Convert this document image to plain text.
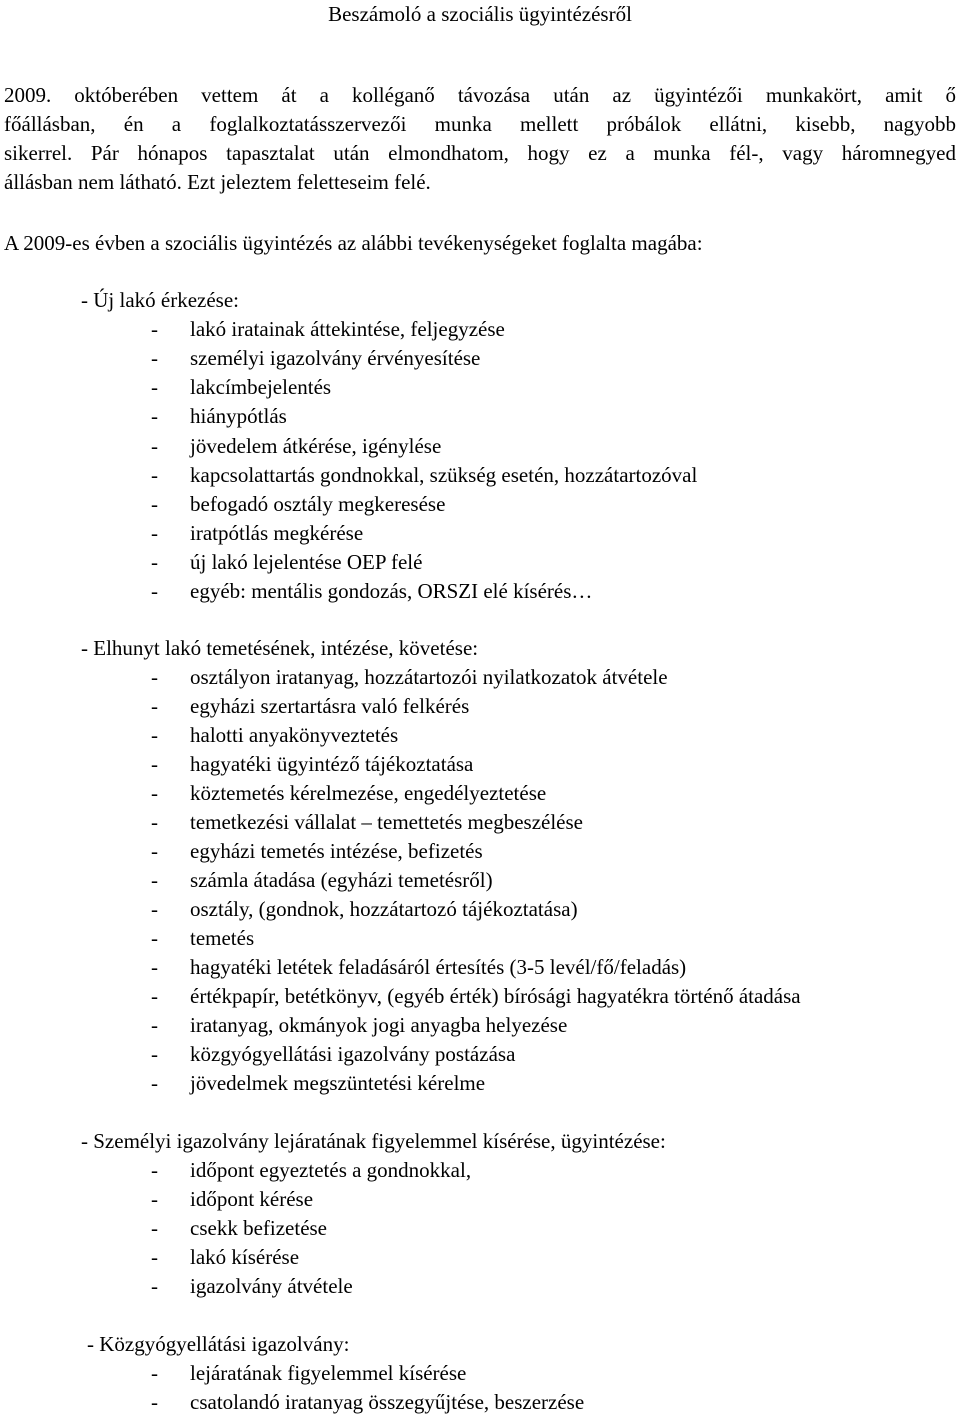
Beszámoló a szociális ügyintézésről
2009. októberében vettem át a kolléganő távozása után az ügyintézői munkakört, amit ő
főállásban, én a foglalkoztatásszervezői munka mellett próbálok ellátni, kisebb, nagyobb
sikerrel. Pár hónapos tapasztalat után elmondhatom, hogy ez a munka fél-, vagy háromnegyed
állásban nem látható. Ezt jeleztem feletteseim felé.
A 2009-es évben a szociális ügyintézés az alábbi tevékenységeket foglalta magába:
- Új lakó érkezése:
- lakó iratainak áttekintése, feljegyzése
- személyi igazolvány érvényesítése
- lakcímbejelentés
- hiánypótlás
- jövedelem átkérése, igénylése
- kapcsolattartás gondnokkal, szükség esetén, hozzátartozóval
- befogadó osztály megkeresése
- iratpótlás megkérése
- új lakó lejelentése OEP felé
- egyéb: mentális gondozás, ORSZI elé kísérés…
- Elhunyt lakó temetésének, intézése, követése:
- osztályon iratanyag, hozzátartozói nyilatkozatok átvétele
- egyházi szertartásra való felkérés
- halotti anyakönyveztetés
- hagyatéki ügyintéző tájékoztatása
- köztemetés kérelmezése, engedélyeztetése
- temetkezési vállalat – temettetés megbeszélése
- egyházi temetés intézése, befizetés
- számla átadása (egyházi temetésről)
- osztály, (gondnok, hozzátartozó tájékoztatása)
- temetés
- hagyatéki letétek feladásáról értesítés (3-5 levél/fő/feladás)
- értékpapír, betétkönyv, (egyéb érték) bírósági hagyatékra történő átadása
- iratanyag, okmányok jogi anyagba helyezése
- közgyógyellátási igazolvány postázása
- jövedelmek megszüntetési kérelme
- Személyi igazolvány lejáratának figyelemmel kísérése, ügyintézése:
- időpont egyeztetés a gondnokkal,
- időpont kérése
- csekk befizetése
- lakó kísérése
- igazolvány átvétele
- Közgyógyellátási igazolvány:
- lejáratának figyelemmel kísérése
- csatolandó iratanyag összegyűjtése, beszerzése
